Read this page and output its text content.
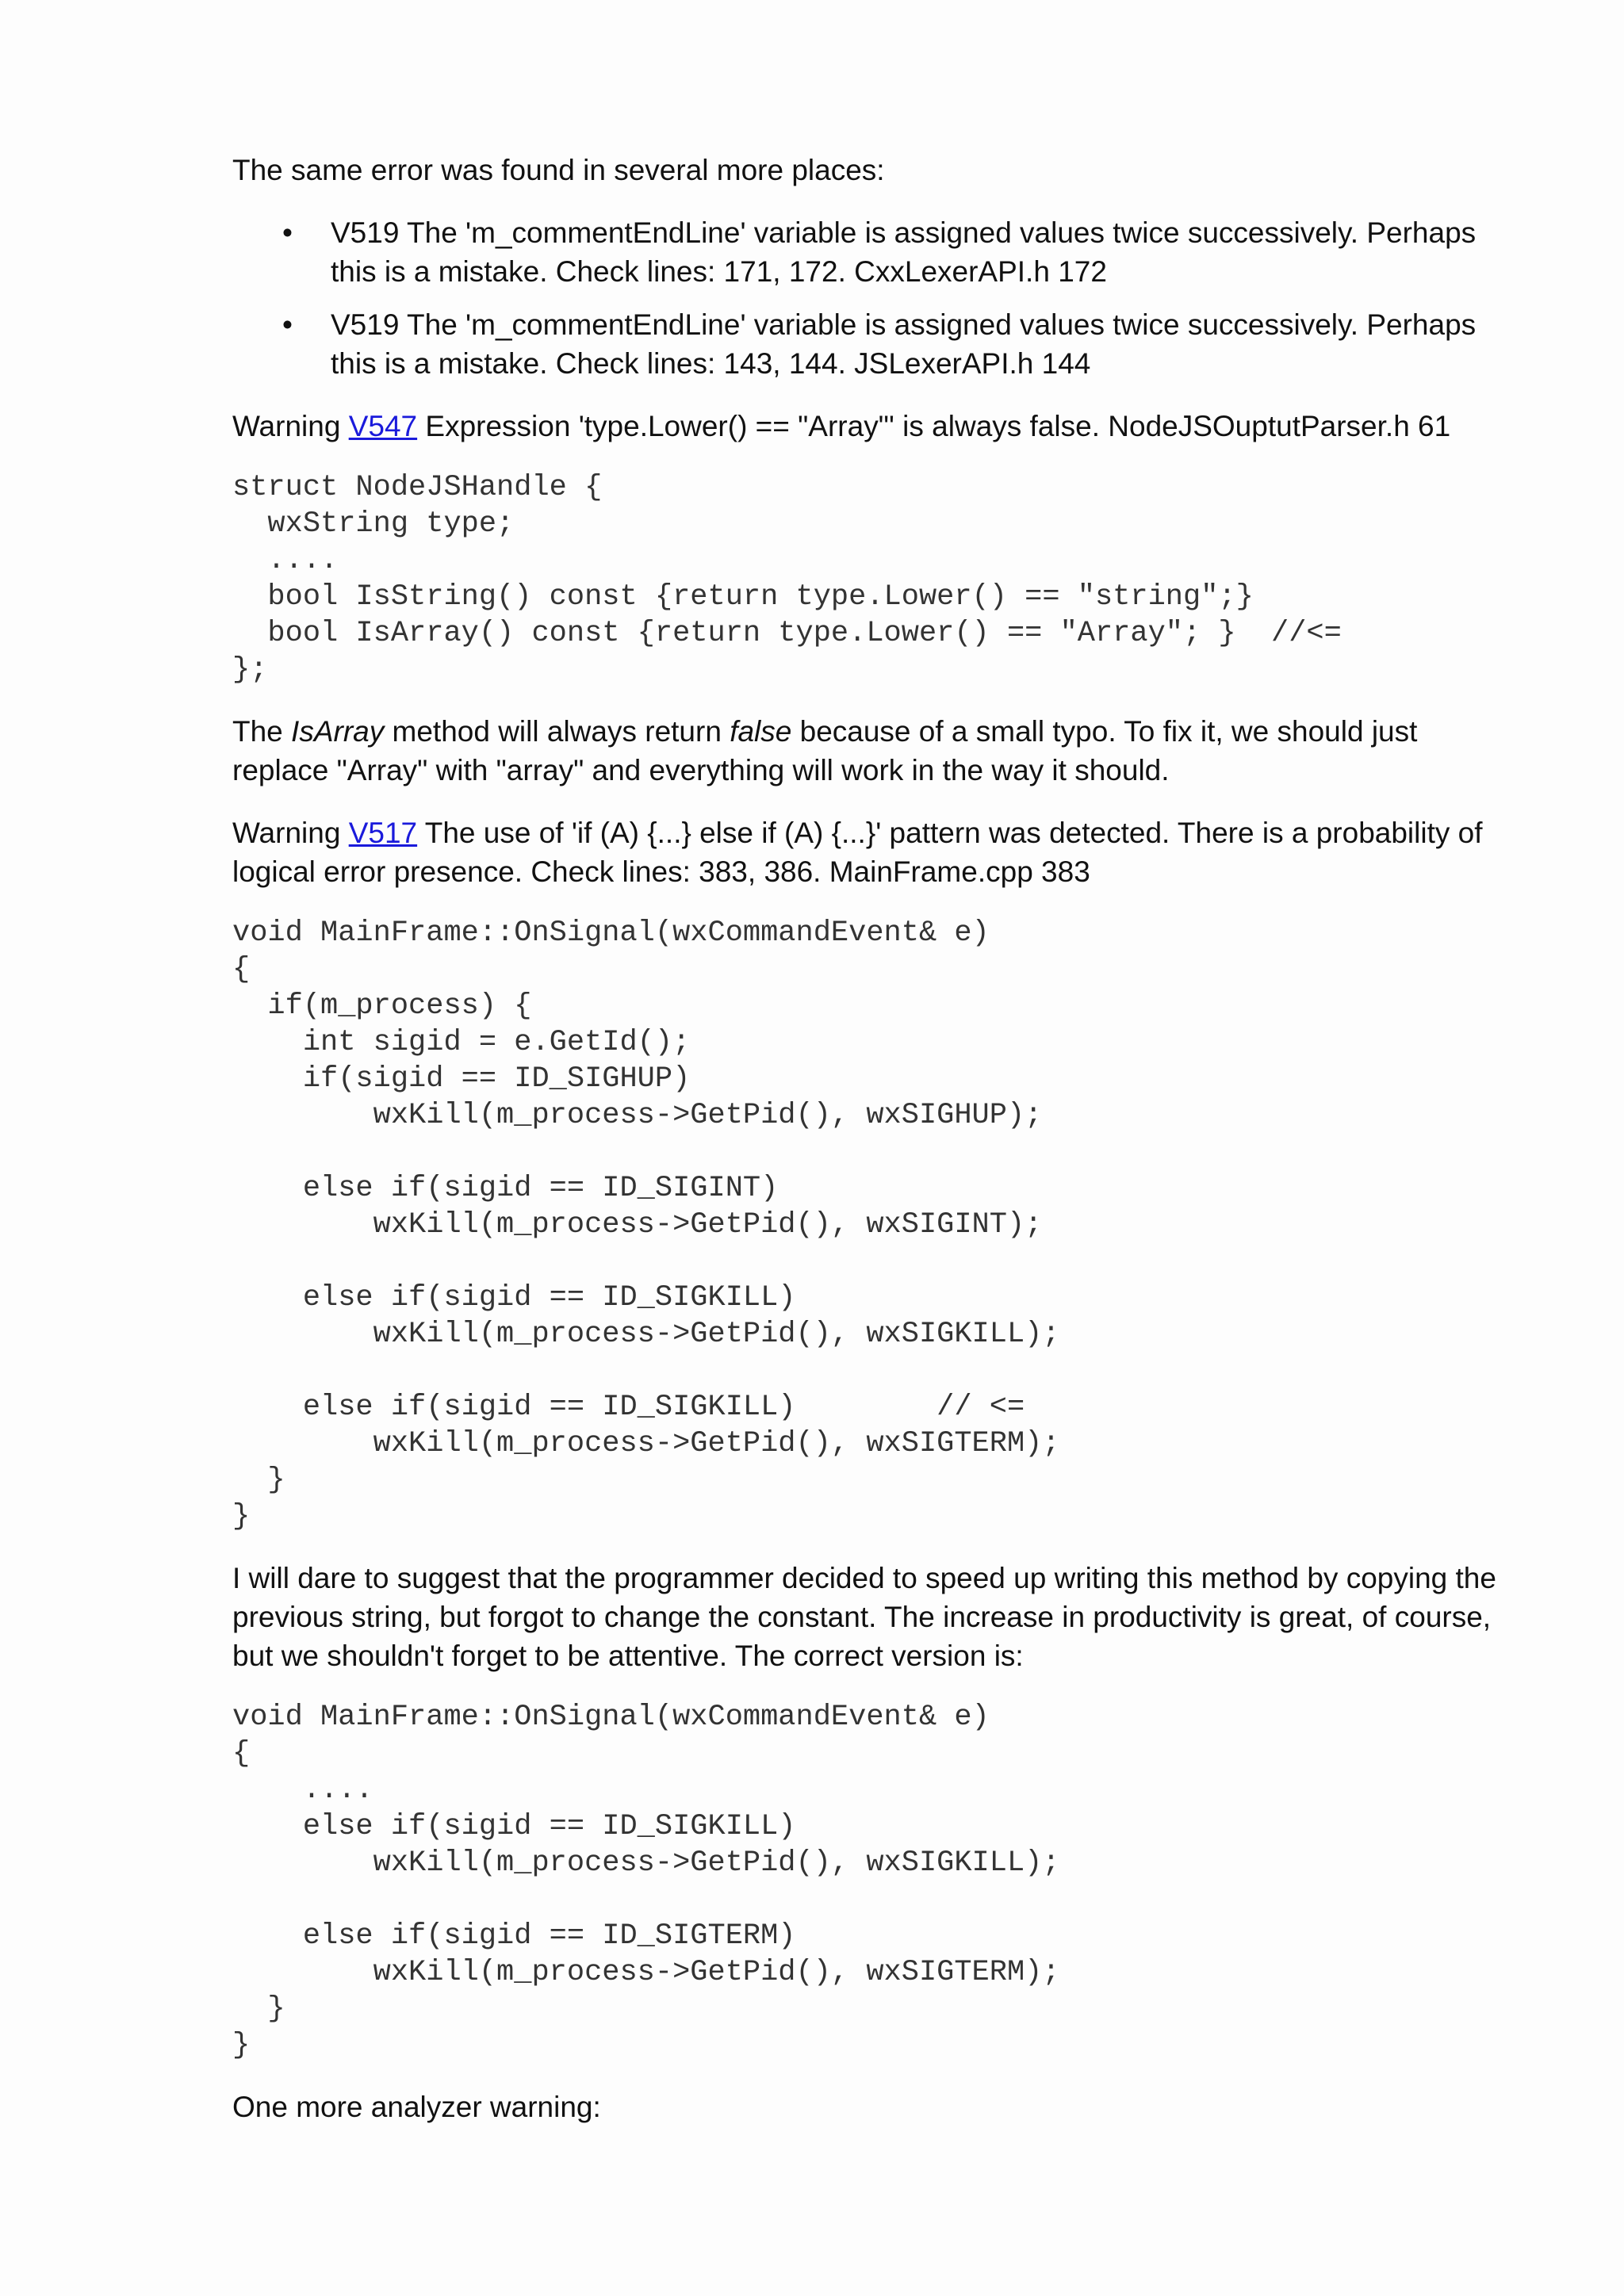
The same error was found in several more places:

• V519 The 'm_commentEndLine' variable is assigned values twice successively. Perhaps this is a mistake. Check lines: 171, 172. CxxLexerAPI.h 172
• V519 The 'm_commentEndLine' variable is assigned values twice successively. Perhaps this is a mistake. Check lines: 143, 144. JSLexerAPI.h 144

Warning V547 Expression 'type.Lower() == "Array"' is always false. NodeJSOuptutParser.h 61

struct NodeJSHandle {
wxString type;
....
bool IsString() const {return type.Lower() == "string";}
bool IsArray() const {return type.Lower() == "Array"; }  //<=
};

The IsArray method will always return false because of a small typo. To fix it, we should just replace "Array" with "array" and everything will work in the way it should.

Warning V517 The use of 'if (A) {...} else if (A) {...}' pattern was detected. There is a probability of logical error presence. Check lines: 383, 386. MainFrame.cpp 383

void MainFrame::OnSignal(wxCommandEvent& e)
{
if(m_process) {
int sigid = e.GetId();
if(sigid == ID_SIGHUP)
wxKill(m_process->GetPid(), wxSIGHUP);

else if(sigid == ID_SIGINT)
wxKill(m_process->GetPid(), wxSIGINT);

else if(sigid == ID_SIGKILL)
wxKill(m_process->GetPid(), wxSIGKILL);

else if(sigid == ID_SIGKILL)        // <=
wxKill(m_process->GetPid(), wxSIGTERM);
}
}

I will dare to suggest that the programmer decided to speed up writing this method by copying the previous string, but forgot to change the constant. The increase in productivity is great, of course, but we shouldn't forget to be attentive. The correct version is:

void MainFrame::OnSignal(wxCommandEvent& e)
{
....
else if(sigid == ID_SIGKILL)
wxKill(m_process->GetPid(), wxSIGKILL);

else if(sigid == ID_SIGTERM)
wxKill(m_process->GetPid(), wxSIGTERM);
}
}

One more analyzer warning:
